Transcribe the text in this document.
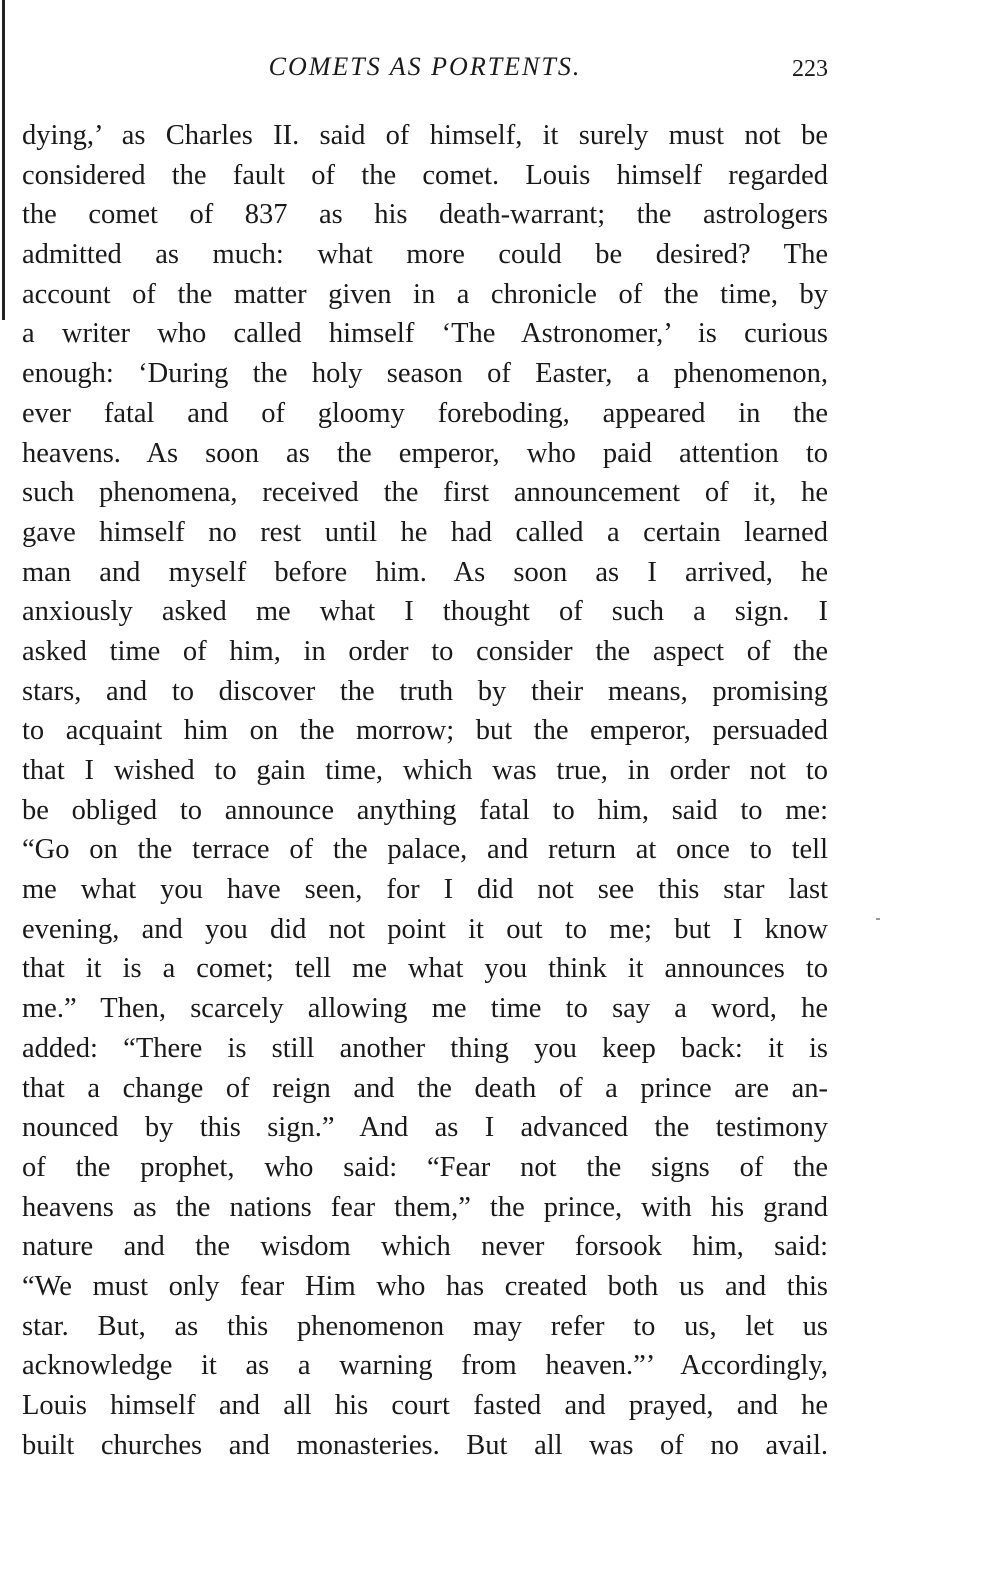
COMETS AS PORTENTS.	223
dying,’ as Charles II. said of himself, it surely must not be
considered the fault of the comet. Louis himself regarded
the comet of 837 as his death-warrant; the astrologers
admitted as much: what more could be desired? The
account of the matter given in a chronicle of the time, by
a writer who called himself ‘The Astronomer,’ is curious
enough: ‘During the holy season of Easter, a phenomenon,
ever fatal and of gloomy foreboding, appeared in the
heavens. As soon as the emperor, who paid attention to
such phenomena, received the first announcement of it, he
gave himself no rest until he had called a certain learned
man and myself before him. As soon as I arrived, he
anxiously asked me what I thought of such a sign. I
asked time of him, in order to consider the aspect of the
stars, and to discover the truth by their means, promising
to acquaint him on the morrow; but the emperor, persuaded
that I wished to gain time, which was true, in order not to
be obliged to announce anything fatal to him, said to me:
“Go on the terrace of the palace, and return at once to tell
me what you have seen, for I did not see this star last
evening, and you did not point it out to me; but I know
that it is a comet; tell me what you think it announces to
me.” Then, scarcely allowing me time to say a word, he
added: “There is still another thing you keep back: it is
that a change of reign and the death of a prince are an-
nounced by this sign.” And as I advanced the testimony
of the prophet, who said: “Fear not the signs of the
heavens as the nations fear them,” the prince, with his grand
nature and the wisdom which never forsook him, said:
“We must only fear Him who has created both us and this
star. But, as this phenomenon may refer to us, let us
acknowledge it as a warning from heaven.”’ Accordingly,
Louis himself and all his court fasted and prayed, and he
built churches and monasteries. But all was of no avail.
